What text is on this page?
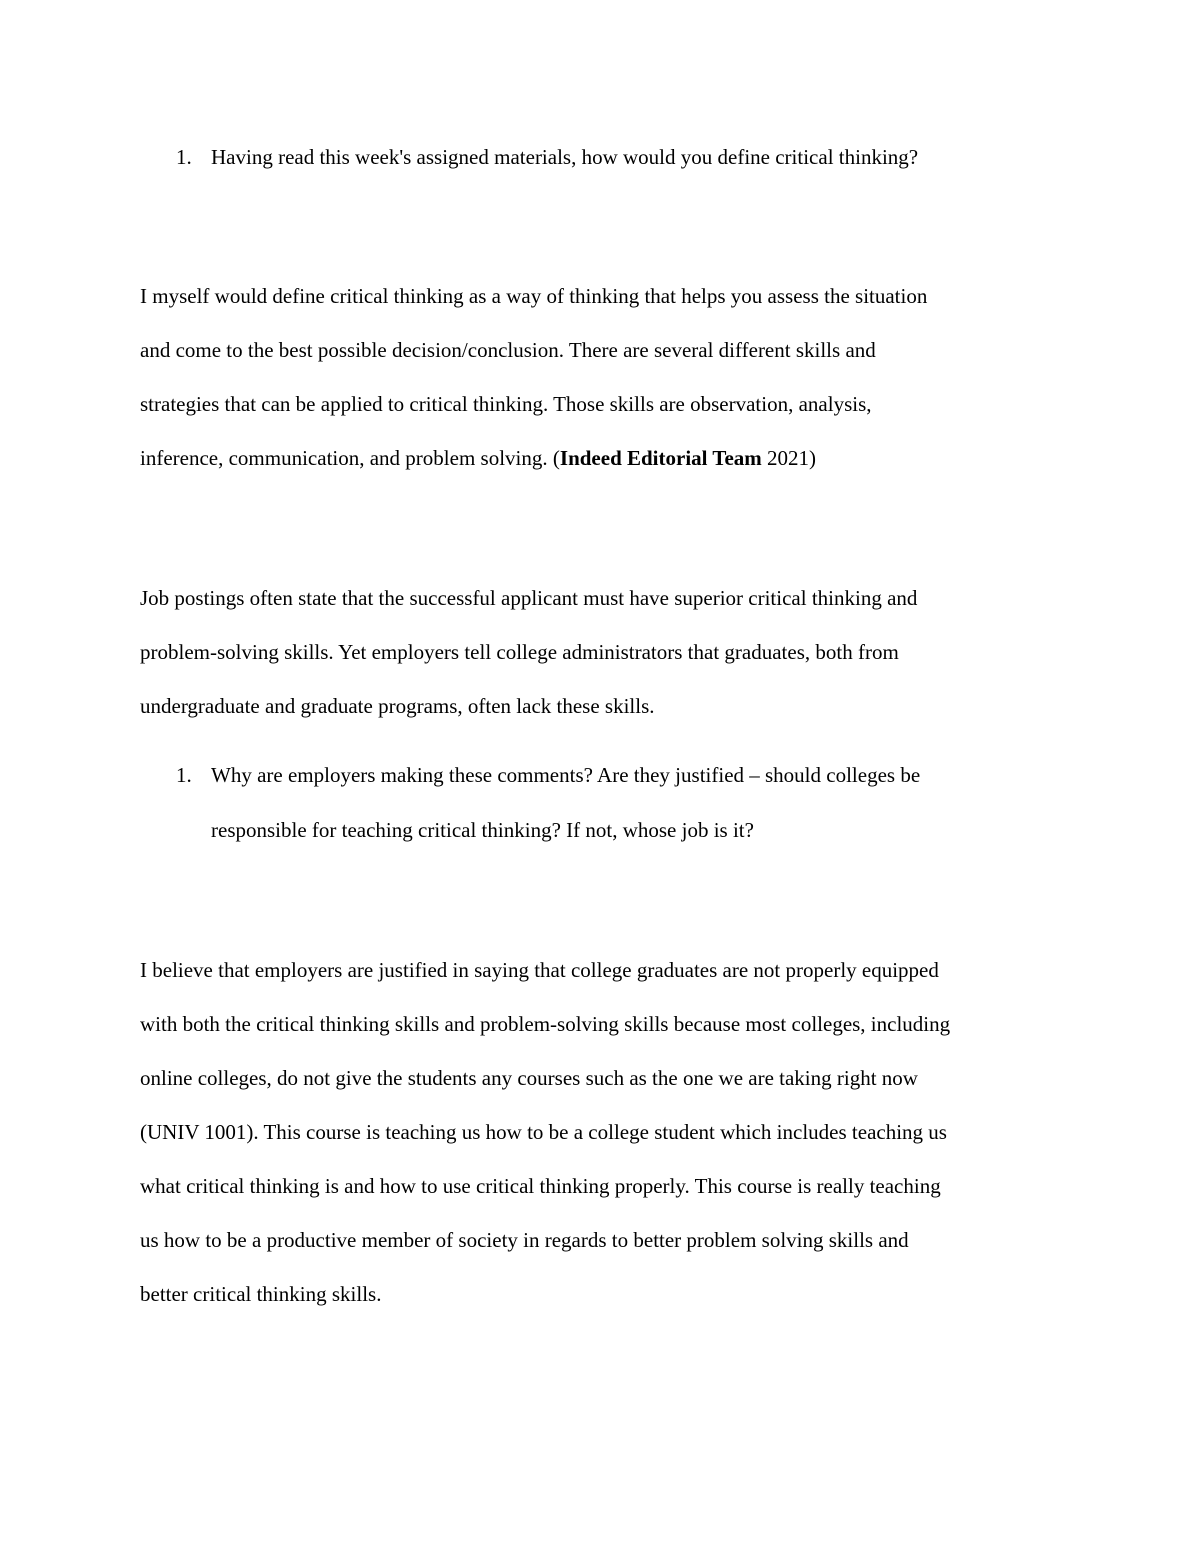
1. Having read this week's assigned materials, how would you define critical thinking?
I myself would define critical thinking as a way of thinking that helps you assess the situation
and come to the best possible decision/conclusion. There are several different skills and
strategies that can be applied to critical thinking. Those skills are observation, analysis,
inference, communication, and problem solving. (Indeed Editorial Team 2021)
Job postings often state that the successful applicant must have superior critical thinking and
problem-solving skills. Yet employers tell college administrators that graduates, both from
undergraduate and graduate programs, often lack these skills.
1. Why are employers making these comments? Are they justified – should colleges be
responsible for teaching critical thinking? If not, whose job is it?
I believe that employers are justified in saying that college graduates are not properly equipped
with both the critical thinking skills and problem-solving skills because most colleges, including
online colleges, do not give the students any courses such as the one we are taking right now
(UNIV 1001). This course is teaching us how to be a college student which includes teaching us
what critical thinking is and how to use critical thinking properly. This course is really teaching
us how to be a productive member of society in regards to better problem solving skills and
better critical thinking skills.
